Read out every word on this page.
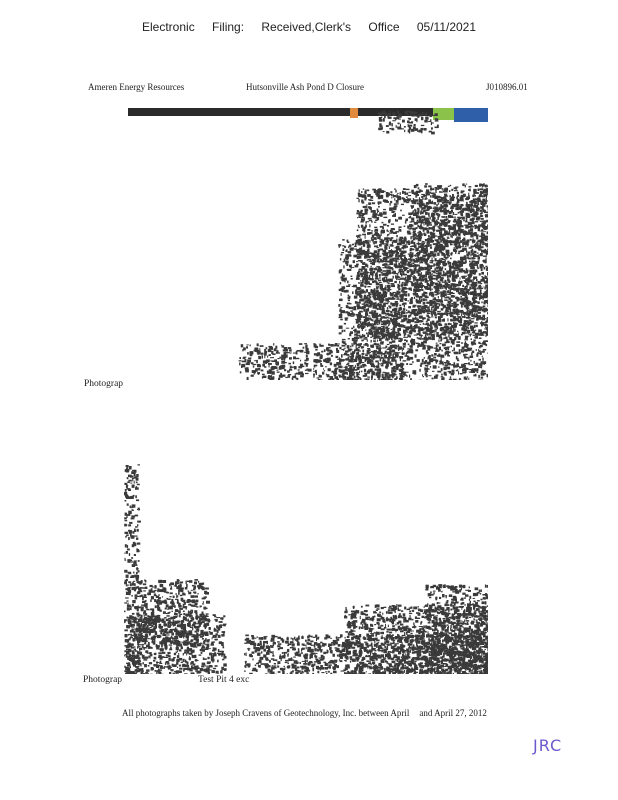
Electronic Filing: Received,Clerk's Office 05/11/2021
Ameren Energy Resources	Hutsonville Ash Pond D Closure	J010896.01
Photograp
Photograp	Test Pit 4 exc
All photographs taken by Joseph Cravens of Geotechnology, Inc. between April and April 27, 2012
JRC
